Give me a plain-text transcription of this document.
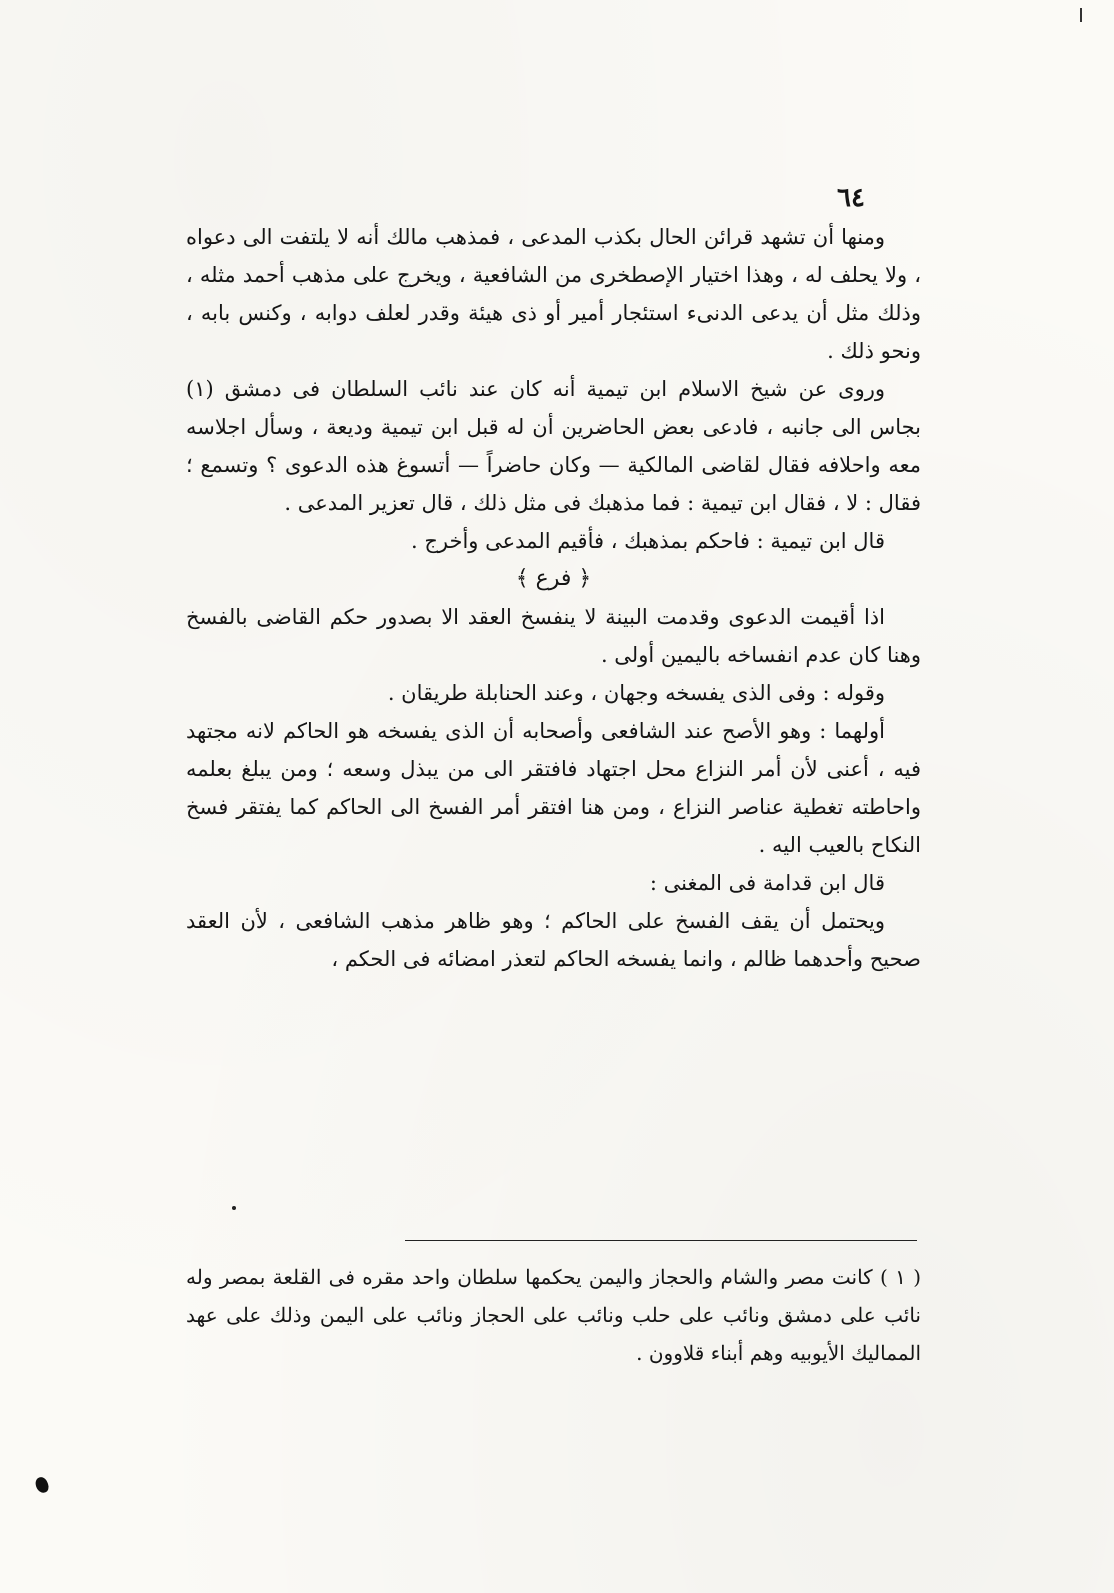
٦٤

ومنها أن تشهد قرائن الحال بكذب المدعى ، فمذهب مالك أنه لا يلتفت الى دعواه ، ولا يحلف له ، وهذا اختيار الإصطخرى من الشافعية ، ويخرج على مذهب أحمد مثله ، وذلك مثل أن يدعى الدنىء استئجار أمير أو ذى هيئة وقدر لعلف دوابه ، وكنس بابه ، ونحو ذلك .

وروى عن شيخ الاسلام ابن تيمية أنه كان عند نائب السلطان فى دمشق (١) بجاس الى جانبه ، فادعى بعض الحاضرين أن له قبل ابن تيمية وديعة ، وسأل اجلاسه معه واحلافه فقال لقاضى المالكية — وكان حاضراً — أتسوغ هذه الدعوى ؟ وتسمع ؛ فقال : لا ، فقال ابن تيمية : فما مذهبك فى مثل ذلك ، قال تعزير المدعى .

قال ابن تيمية : فاحكم بمذهبك ، فأقيم المدعى وأخرج .

﴿ فرع ﴾

اذا أقيمت الدعوى وقدمت البينة لا ينفسخ العقد الا بصدور حكم القاضى بالفسخ وهنا كان عدم انفساخه باليمين أولى .

وقوله : وفى الذى يفسخه وجهان ، وعند الحنابلة طريقان .

أولهما : وهو الأصح عند الشافعى وأصحابه أن الذى يفسخه هو الحاكم لانه مجتهد فيه ، أعنى لأن أمر النزاع محل اجتهاد فافتقر الى من يبذل وسعه ؛ ومن يبلغ بعلمه واحاطته تغطية عناصر النزاع ، ومن هنا افتقر أمر الفسخ الى الحاكم كما يفتقر فسخ النكاح بالعيب اليه .

قال ابن قدامة فى المغنى :

ويحتمل أن يقف الفسخ على الحاكم ؛ وهو ظاهر مذهب الشافعى ، لأن العقد صحيح وأحدهما ظالم ، وانما يفسخه الحاكم لتعذر امضائه فى الحكم ،

( ١ ) كانت مصر والشام والحجاز واليمن يحكمها سلطان واحد مقره فى القلعة بمصر وله نائب على دمشق ونائب على حلب ونائب على الحجاز ونائب على اليمن وذلك على عهد المماليك الأيوبيه وهم أبناء قلاوون .
